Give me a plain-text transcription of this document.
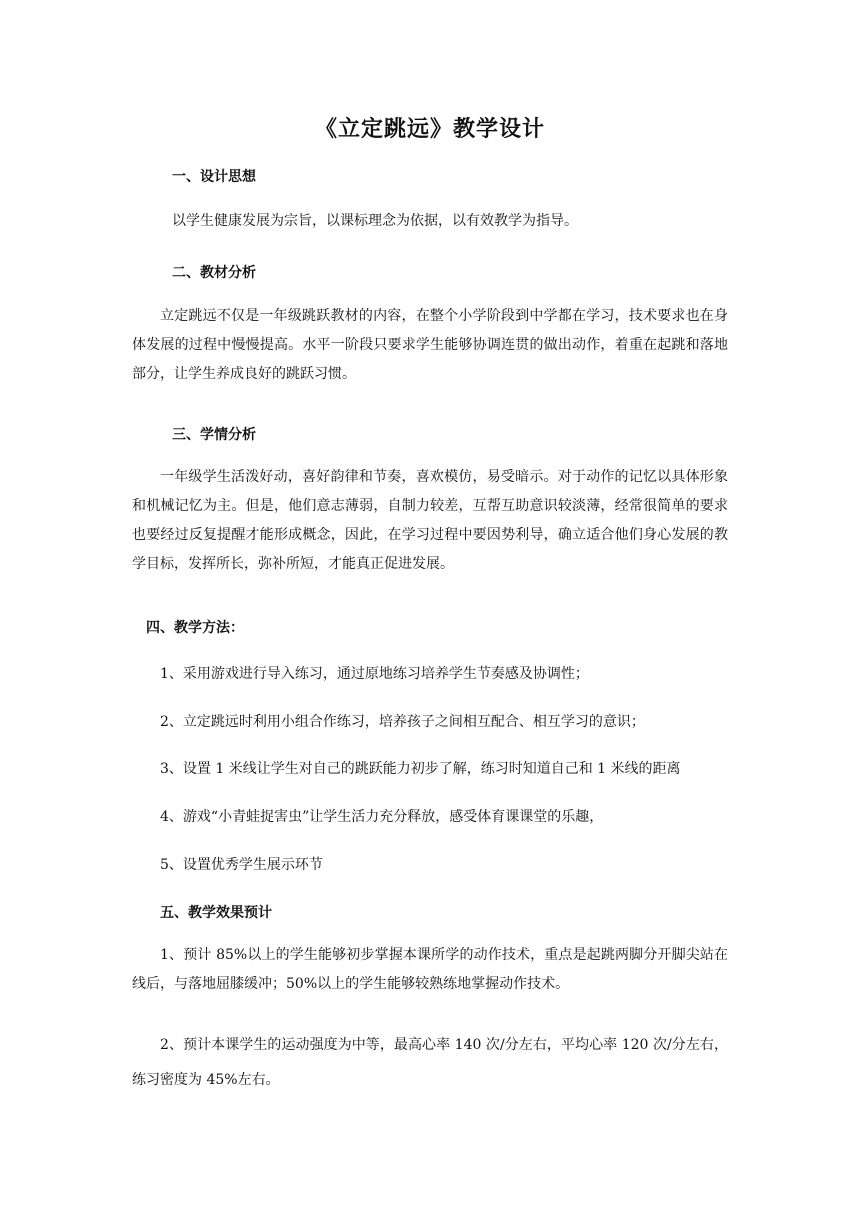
《立定跳远》教学设计
一、设计思想
以学生健康发展为宗旨，以课标理念为依据，以有效教学为指导。
二、教材分析
立定跳远不仅是一年级跳跃教材的内容，在整个小学阶段到中学都在学习，技术要求也在身体发展的过程中慢慢提高。水平一阶段只要求学生能够协调连贯的做出动作，着重在起跳和落地部分，让学生养成良好的跳跃习惯。
三、学情分析
一年级学生活泼好动，喜好韵律和节奏，喜欢模仿，易受暗示。对于动作的记忆以具体形象和机械记忆为主。但是，他们意志薄弱，自制力较差，互帮互助意识较淡薄，经常很简单的要求也要经过反复提醒才能形成概念，因此，在学习过程中要因势利导，确立适合他们身心发展的教学目标，发挥所长，弥补所短，才能真正促进发展。
四、教学方法：
1、采用游戏进行导入练习，通过原地练习培养学生节奏感及协调性；
2、立定跳远时利用小组合作练习，培养孩子之间相互配合、相互学习的意识；
3、设置 1 米线让学生对自己的跳跃能力初步了解，练习时知道自己和 1 米线的距离
4、游戏“小青蛙捉害虫”让学生活力充分释放，感受体育课课堂的乐趣，
5、设置优秀学生展示环节
五、教学效果预计
1、预计 85%以上的学生能够初步掌握本课所学的动作技术，重点是起跳两脚分开脚尖站在线后，与落地屈膝缓冲；50%以上的学生能够较熟练地掌握动作技术。
2、预计本课学生的运动强度为中等，最高心率 140 次/分左右，平均心率 120 次/分左右，练习密度为 45%左右。
